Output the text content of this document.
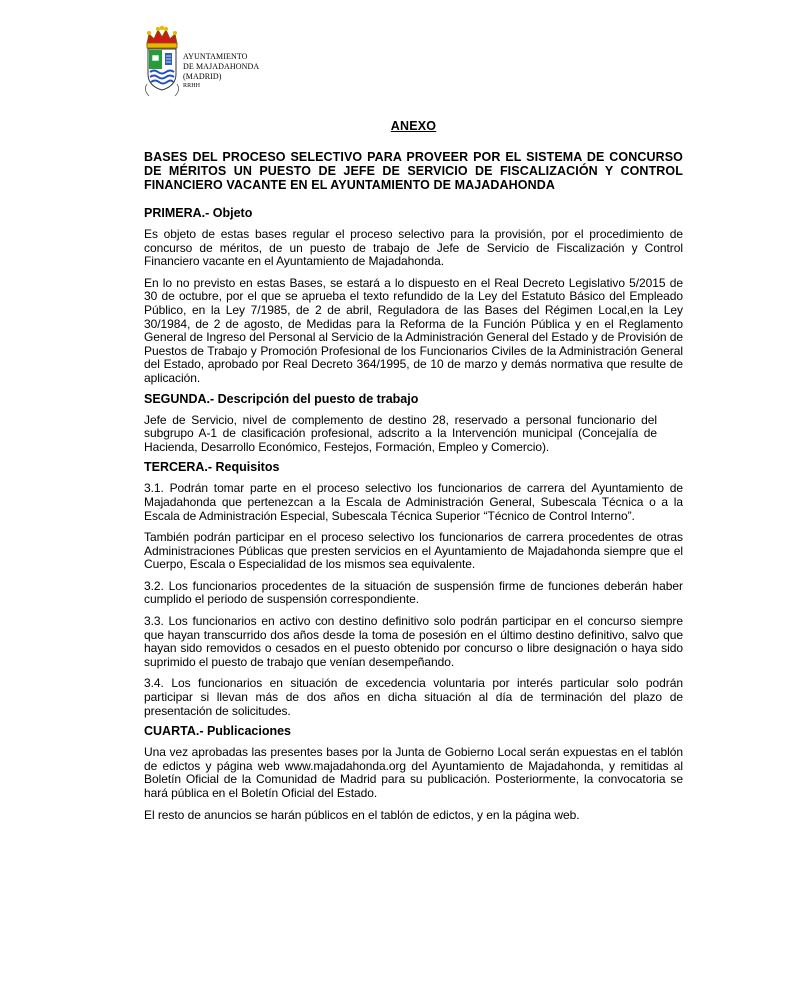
AYUNTAMIENTO
DE MAJADAHONDA
(MADRID)
RRHH
ANEXO
BASES DEL PROCESO SELECTIVO PARA PROVEER POR EL SISTEMA DE CONCURSO DE MÉRITOS UN PUESTO DE JEFE DE SERVICIO DE FISCALIZACIÓN Y CONTROL FINANCIERO VACANTE EN EL AYUNTAMIENTO DE MAJADAHONDA
PRIMERA.- Objeto

Es objeto de estas bases regular el proceso selectivo para la provisión, por el procedimiento de concurso de méritos, de un puesto de trabajo de Jefe de Servicio de Fiscalización y Control Financiero vacante en el Ayuntamiento de Majadahonda.

En lo no previsto en estas Bases, se estará a lo dispuesto en el Real Decreto Legislativo 5/2015 de 30 de octubre, por el que se aprueba el texto refundido de la Ley del Estatuto Básico del Empleado Público, en la Ley 7/1985, de 2 de abril, Reguladora de las Bases del Régimen Local,en la Ley 30/1984, de 2 de agosto, de Medidas para la Reforma de la Función Pública y en el Reglamento General de Ingreso del Personal al Servicio de la Administración General del Estado y de Provisión de Puestos de Trabajo y Promoción Profesional de los Funcionarios Civiles de la Administración General del Estado, aprobado por Real Decreto 364/1995, de 10 de marzo y demás normativa que resulte de aplicación.

SEGUNDA.- Descripción del puesto de trabajo

Jefe de Servicio, nivel de complemento de destino 28, reservado a personal funcionario del subgrupo A-1 de clasificación profesional, adscrito a la Intervención municipal (Concejalía de Hacienda, Desarrollo Económico, Festejos, Formación, Empleo y Comercio).

TERCERA.- Requisitos

3.1. Podrán tomar parte en el proceso selectivo los funcionarios de carrera del Ayuntamiento de Majadahonda que pertenezcan a la Escala de Administración General, Subescala Técnica o a la Escala de Administración Especial, Subescala Técnica Superior “Técnico de Control Interno”.

También podrán participar en el proceso selectivo los funcionarios de carrera procedentes de otras Administraciones Públicas que presten servicios en el Ayuntamiento de Majadahonda siempre que el Cuerpo, Escala o Especialidad de los mismos sea equivalente.

3.2. Los funcionarios procedentes de la situación de suspensión firme de funciones deberán haber cumplido el periodo de suspensión correspondiente.

3.3. Los funcionarios en activo con destino definitivo solo podrán participar en el concurso siempre que hayan transcurrido dos años desde la toma de posesión en el último destino definitivo, salvo que hayan sido removidos o cesados en el puesto obtenido por concurso o libre designación o haya sido suprimido el puesto de trabajo que venían desempeñando.

3.4. Los funcionarios en situación de excedencia voluntaria por interés particular solo podrán participar si llevan más de dos años en dicha situación al día de terminación del plazo de presentación de solicitudes.

CUARTA.- Publicaciones

Una vez aprobadas las presentes bases por la Junta de Gobierno Local serán expuestas en el tablón de edictos y página web www.majadahonda.org del Ayuntamiento de Majadahonda, y remitidas al Boletín Oficial de la Comunidad de Madrid para su publicación. Posteriormente, la convocatoria se hará pública en el Boletín Oficial del Estado.

El resto de anuncios se harán públicos en el tablón de edictos, y en la página web.
